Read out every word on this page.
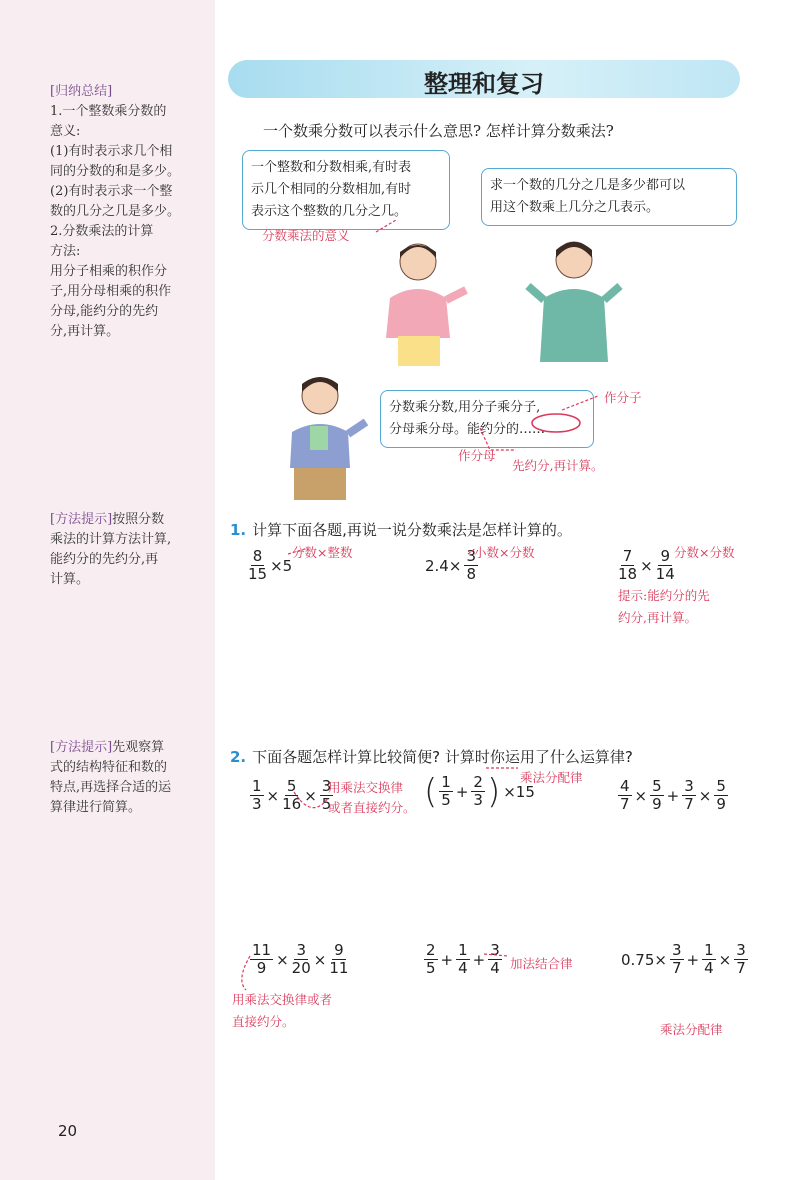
[归纳总结]
1.一个整数乘分数的
意义:
(1)有时表示求几个相
同的分数的和是多少。
(2)有时表示求一个整
数的几分之几是多少。
2.分数乘法的计算
方法:
用分子相乘的积作分
子,用分母相乘的积作
分母,能约分的先约
分,再计算。
[方法提示]按照分数
乘法的计算方法计算,
能约分的先约分,再
计算。
[方法提示]先观察算
式的结构特征和数的
特点,再选择合适的运
算律进行简算。
20
整理和复习
一个数乘分数可以表示什么意思? 怎样计算分数乘法?
一个整数和分数相乘,有时表
示几个相同的分数相加,有时
表示这个整数的几分之几。
求一个数的几分之几是多少都可以
用这个数乘上几分之几表示。
分数乘分数,用分子乘分子,
分母乘分母。能约分的……
分数乘法的意义
作分子
作分母
先约分,再计算。
1. 计算下面各题,再说一说分数乘法是怎样计算的。
$\frac{8}{15} \times 5$
分数×整数
$2.4\times \frac{3}{8}$
小数×分数	$\frac{7}{18} \times \frac{9}{14}$ 分数×分数
提示:能约分的先
约分,再计算。
2. 下面各题怎样计算比较简便? 计算时你运用了什么运算律?
$\frac{1}{3} \times \frac{5}{16} \times \frac{3}{5}$
用乘法交换律
或者直接约分。 ( $\frac{1}{5} + \frac{2}{3}$ ) ×15
乘法分配律
$\frac{4}{7} \times \frac{5}{9} + \frac{3}{7} \times \frac{5}{9}$
$\frac{11}{9} \times \frac{3}{20} \times \frac{9}{11}$
用乘法交换律或者
直接约分。
$\frac{2}{5} + \frac{1}{4} + \frac{3}{4}$ 加法结合律	$0.75\times \frac{3}{7} + \frac{1}{4} \times \frac{3}{7}$
乘法分配律
